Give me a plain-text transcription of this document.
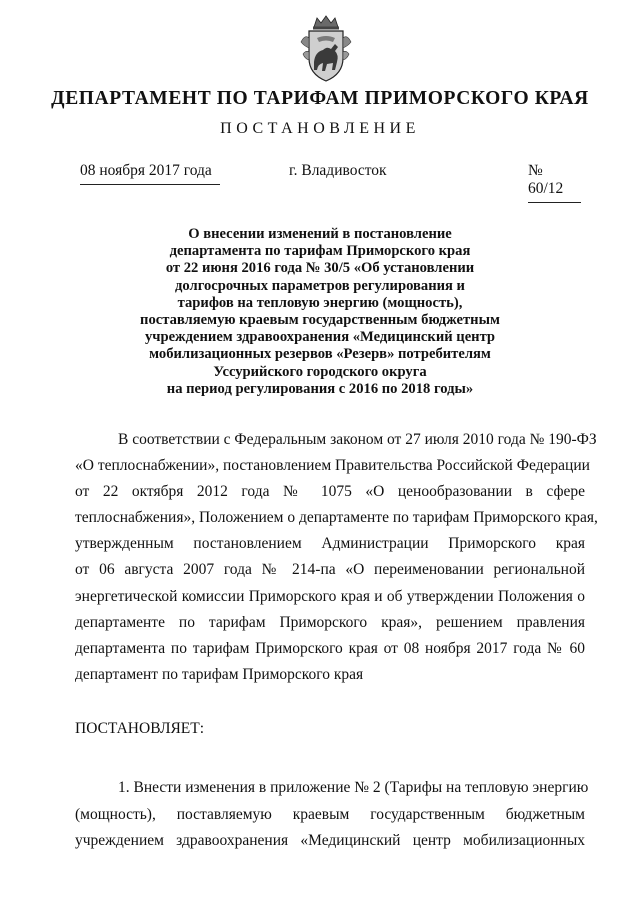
ДЕПАРТАМЕНТ ПО ТАРИФАМ ПРИМОРСКОГО КРАЯ
ПОСТАНОВЛЕНИЕ
08 ноября 2017 года	г. Владивосток	№ 60/12
О внесении изменений в постановление
департамента по тарифам Приморского края
от 22 июня 2016 года № 30/5 «Об установлении
долгосрочных параметров регулирования и
тарифов на тепловую энергию (мощность),
поставляемую краевым государственным бюджетным
учреждением здравоохранения «Медицинский центр
мобилизационных резервов «Резерв» потребителям
Уссурийского городского округа
на период регулирования с 2016 по 2018 годы»
В соответствии с Федеральным законом от 27 июля 2010 года № 190-ФЗ
«О теплоснабжении», постановлением Правительства Российской Федерации
от 22 октября 2012 года № 1075 «О ценообразовании в сфере
теплоснабжения», Положением о департаменте по тарифам Приморского края,
утвержденным постановлением Администрации Приморского края
от 06 августа 2007 года № 214-па «О переименовании региональной
энергетической комиссии Приморского края и об утверждении Положения о
департаменте по тарифам Приморского края», решением правления
департамента по тарифам Приморского края от 08 ноября 2017 года № 60
департамент по тарифам Приморского края
ПОСТАНОВЛЯЕТ:
1. Внести изменения в приложение № 2 (Тарифы на тепловую энергию
(мощность), поставляемую краевым государственным бюджетным
учреждением здравоохранения «Медицинский центр мобилизационных
